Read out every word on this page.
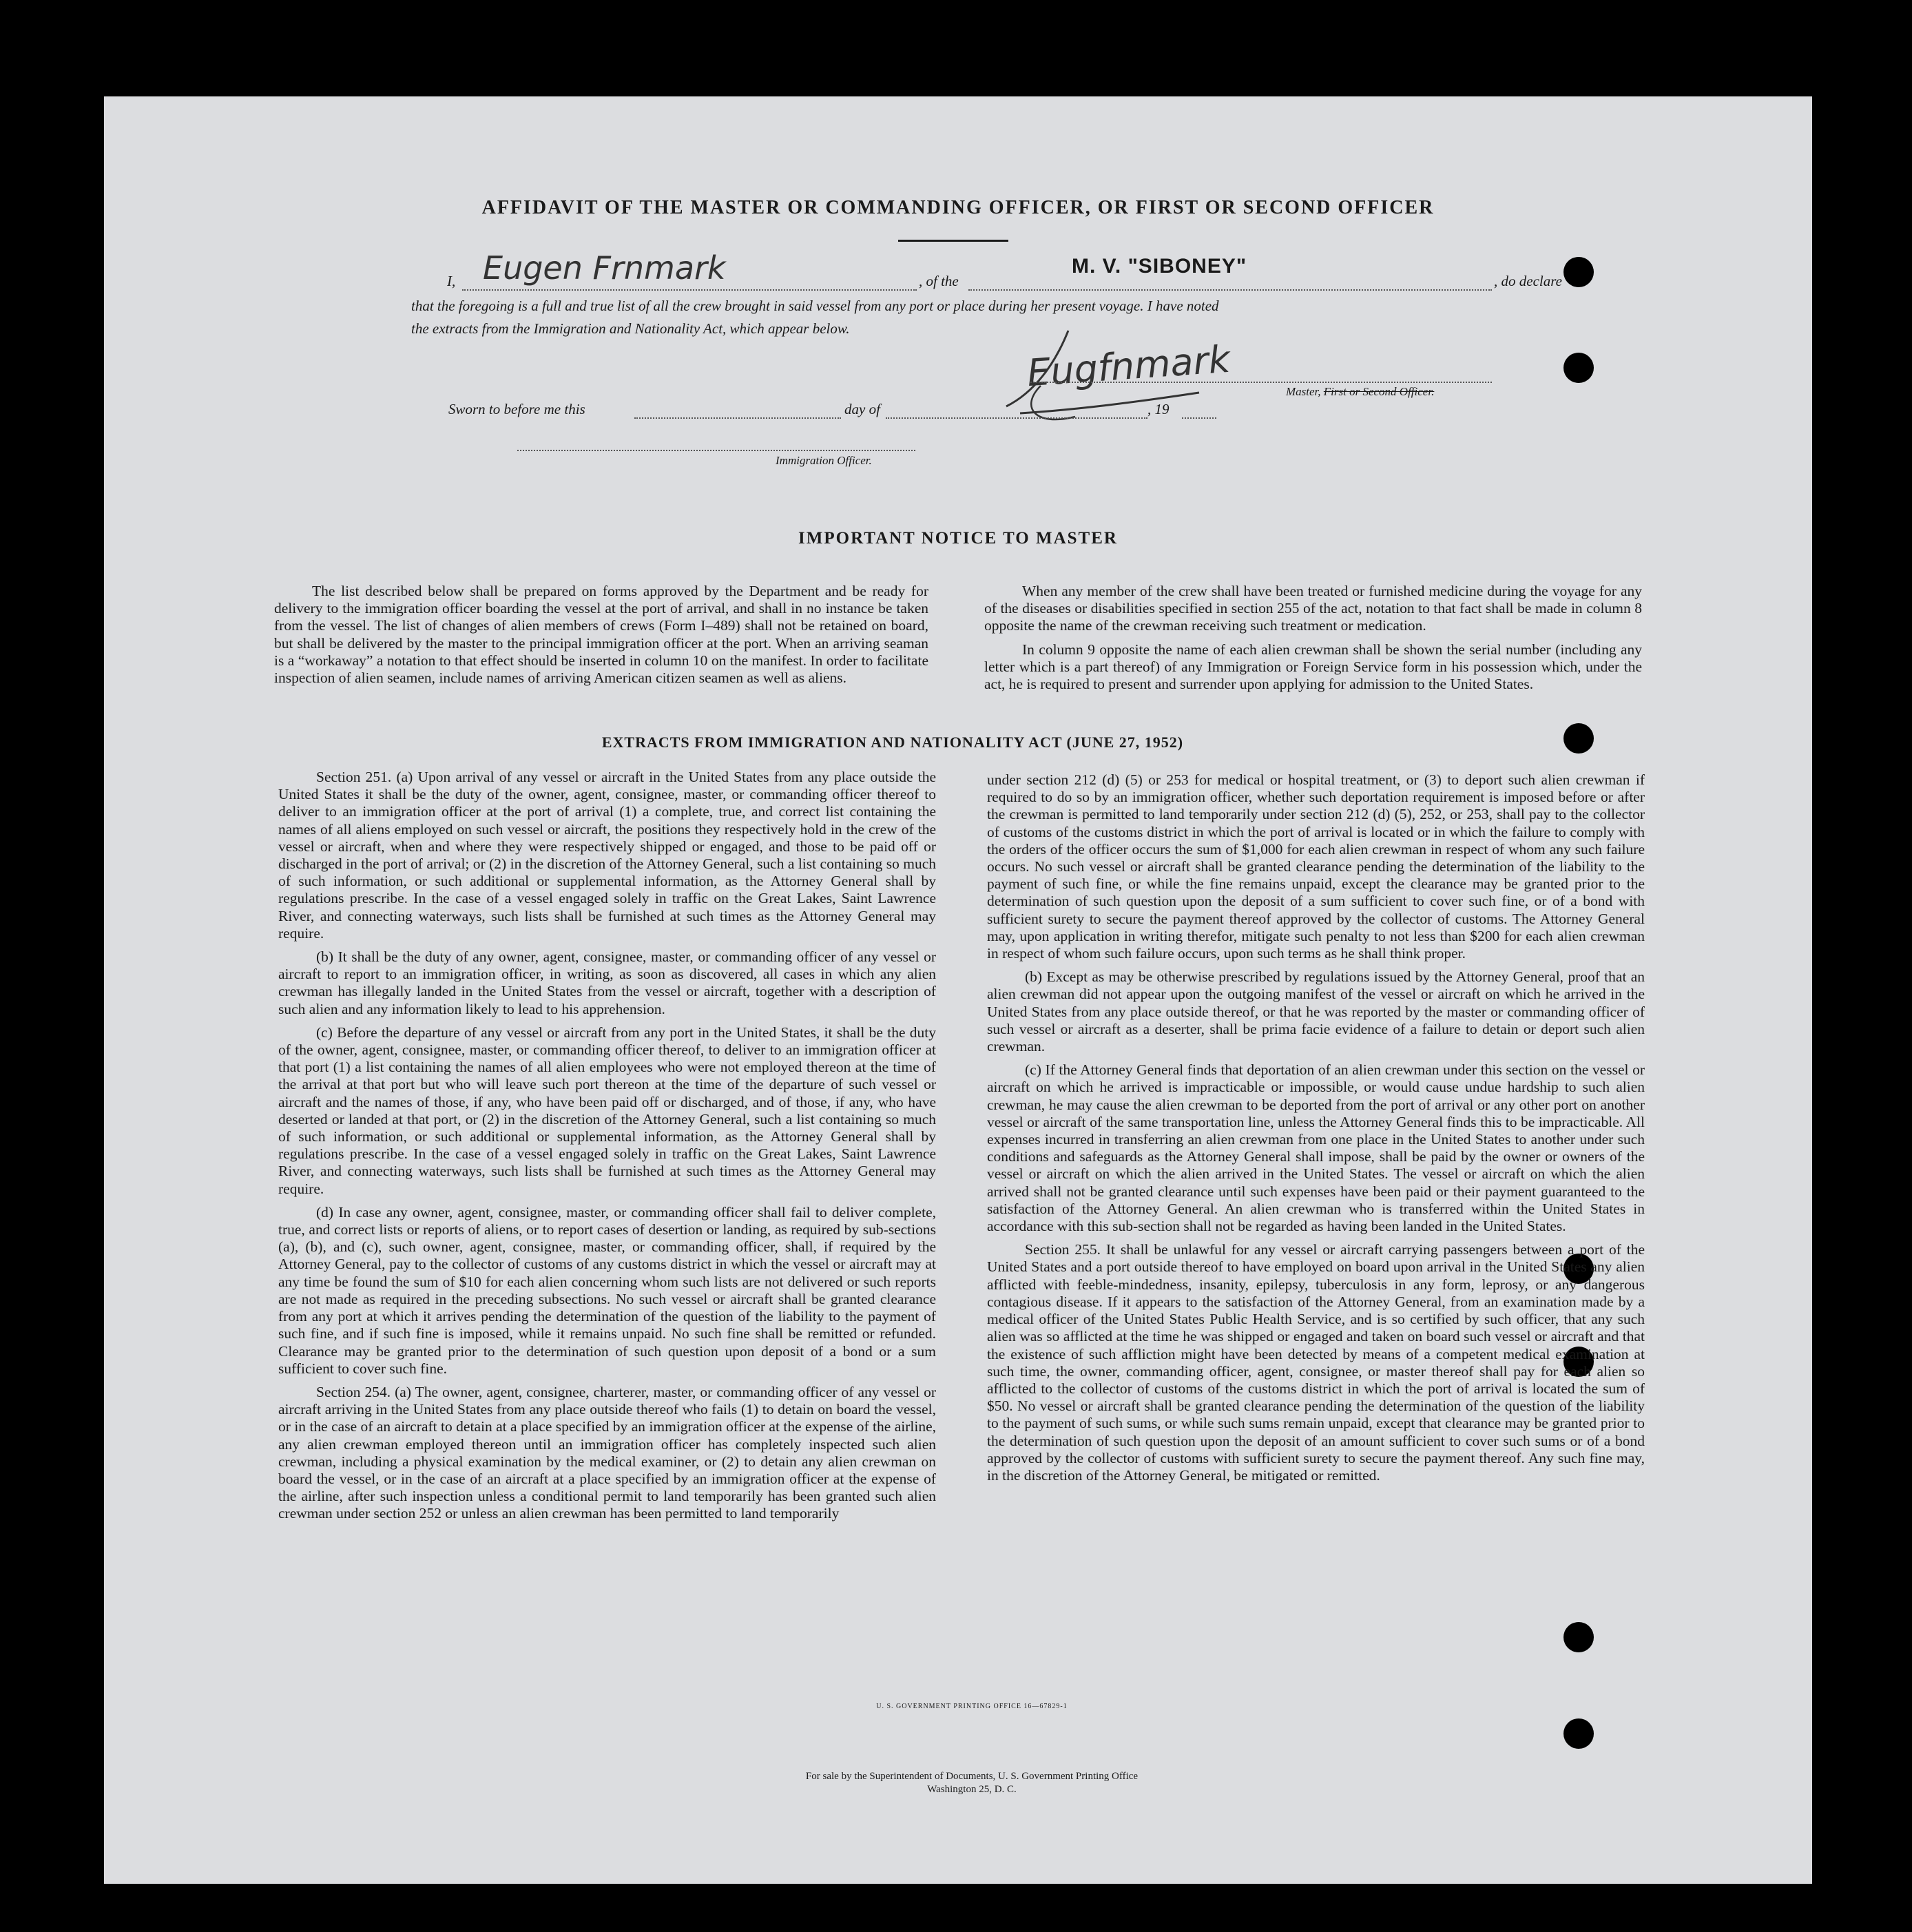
AFFIDAVIT OF THE MASTER OR COMMANDING OFFICER, OR FIRST OR SECOND OFFICER
I, Eugen Frnmark	, of the
M. V. "SIBONEY"
, do declare
that the foregoing is a full and true list of all the crew brought in said vessel from any port or place during her present voyage. I have noted
the extracts from the Immigration and Nationality Act, which appear below.
Eugfnmark	Master, First or Second Officer.
Sworn to before me this	day of	, 19
Immigration Officer.
IMPORTANT NOTICE TO MASTER

The list described below shall be prepared on forms approved by the Department and be ready for delivery to the immigration officer boarding the vessel at the port of arrival, and shall in no instance be taken from the vessel. The list of changes of alien members of crews (Form I–489) shall not be retained on board, but shall be delivered by the master to the principal immigration officer at the port. When an arriving seaman is a “workaway” a notation to that effect should be inserted in column 10 on the manifest. In order to facilitate inspection of alien seamen, include names of arriving American citizen seamen as well as aliens.

When any member of the crew shall have been treated or furnished medicine during the voyage for any of the diseases or disabilities specified in section 255 of the act, notation to that fact shall be made in column 8 opposite the name of the crewman receiving such treatment or medication.

In column 9 opposite the name of each alien crewman shall be shown the serial number (including any letter which is a part thereof) of any Immigration or Foreign Service form in his possession which, under the act, he is required to present and surrender upon applying for admission to the United States.

EXTRACTS FROM IMMIGRATION AND NATIONALITY ACT (JUNE 27, 1952)

Section 251. (a) Upon arrival of any vessel or aircraft in the United States from any place outside the United States it shall be the duty of the owner, agent, consignee, master, or commanding officer thereof to deliver to an immigration officer at the port of arrival (1) a complete, true, and correct list containing the names of all aliens employed on such vessel or aircraft, the positions they respectively hold in the crew of the vessel or aircraft, when and where they were respectively shipped or engaged, and those to be paid off or discharged in the port of arrival; or (2) in the discretion of the Attorney General, such a list containing so much of such information, or such additional or supplemental information, as the Attorney General shall by regulations prescribe. In the case of a vessel engaged solely in traffic on the Great Lakes, Saint Lawrence River, and connecting waterways, such lists shall be furnished at such times as the Attorney General may require.

(b) It shall be the duty of any owner, agent, consignee, master, or commanding officer of any vessel or aircraft to report to an immigration officer, in writing, as soon as discovered, all cases in which any alien crewman has illegally landed in the United States from the vessel or aircraft, together with a description of such alien and any information likely to lead to his apprehension.

(c) Before the departure of any vessel or aircraft from any port in the United States, it shall be the duty of the owner, agent, consignee, master, or commanding officer thereof, to deliver to an immigration officer at that port (1) a list containing the names of all alien employees who were not employed thereon at the time of the arrival at that port but who will leave such port thereon at the time of the departure of such vessel or aircraft and the names of those, if any, who have been paid off or discharged, and of those, if any, who have deserted or landed at that port, or (2) in the discretion of the Attorney General, such a list containing so much of such information, or such additional or supplemental information, as the Attorney General shall by regulations prescribe. In the case of a vessel engaged solely in traffic on the Great Lakes, Saint Lawrence River, and connecting waterways, such lists shall be furnished at such times as the Attorney General may require.

(d) In case any owner, agent, consignee, master, or commanding officer shall fail to deliver complete, true, and correct lists or reports of aliens, or to report cases of desertion or landing, as required by sub-sections (a), (b), and (c), such owner, agent, consignee, master, or commanding officer, shall, if required by the Attorney General, pay to the collector of customs of any customs district in which the vessel or aircraft may at any time be found the sum of $10 for each alien concerning whom such lists are not delivered or such reports are not made as required in the preceding subsections. No such vessel or aircraft shall be granted clearance from any port at which it arrives pending the determination of the question of the liability to the payment of such fine, and if such fine is imposed, while it remains unpaid. No such fine shall be remitted or refunded. Clearance may be granted prior to the determination of such question upon deposit of a bond or a sum sufficient to cover such fine.

Section 254. (a) The owner, agent, consignee, charterer, master, or commanding officer of any vessel or aircraft arriving in the United States from any place outside thereof who fails (1) to detain on board the vessel, or in the case of an aircraft to detain at a place specified by an immigration officer at the expense of the airline, any alien crewman employed thereon until an immigration officer has completely inspected such alien crewman, including a physical examination by the medical examiner, or (2) to detain any alien crewman on board the vessel, or in the case of an aircraft at a place specified by an immigration officer at the expense of the airline, after such inspection unless a conditional permit to land temporarily has been granted such alien crewman under section 252 or unless an alien crewman has been permitted to land temporarily

under section 212 (d) (5) or 253 for medical or hospital treatment, or (3) to deport such alien crewman if required to do so by an immigration officer, whether such deportation requirement is imposed before or after the crewman is permitted to land temporarily under section 212 (d) (5), 252, or 253, shall pay to the collector of customs of the customs district in which the port of arrival is located or in which the failure to comply with the orders of the officer occurs the sum of $1,000 for each alien crewman in respect of whom any such failure occurs. No such vessel or aircraft shall be granted clearance pending the determination of the liability to the payment of such fine, or while the fine remains unpaid, except the clearance may be granted prior to the determination of such question upon the deposit of a sum sufficient to cover such fine, or of a bond with sufficient surety to secure the payment thereof approved by the collector of customs. The Attorney General may, upon application in writing therefor, mitigate such penalty to not less than $200 for each alien crewman in respect of whom such failure occurs, upon such terms as he shall think proper.

(b) Except as may be otherwise prescribed by regulations issued by the Attorney General, proof that an alien crewman did not appear upon the outgoing manifest of the vessel or aircraft on which he arrived in the United States from any place outside thereof, or that he was reported by the master or commanding officer of such vessel or aircraft as a deserter, shall be prima facie evidence of a failure to detain or deport such alien crewman.

(c) If the Attorney General finds that deportation of an alien crewman under this section on the vessel or aircraft on which he arrived is impracticable or impossible, or would cause undue hardship to such alien crewman, he may cause the alien crewman to be deported from the port of arrival or any other port on another vessel or aircraft of the same transportation line, unless the Attorney General finds this to be impracticable. All expenses incurred in transferring an alien crewman from one place in the United States to another under such conditions and safeguards as the Attorney General shall impose, shall be paid by the owner or owners of the vessel or aircraft on which the alien arrived in the United States. The vessel or aircraft on which the alien arrived shall not be granted clearance until such expenses have been paid or their payment guaranteed to the satisfaction of the Attorney General. An alien crewman who is transferred within the United States in accordance with this sub-section shall not be regarded as having been landed in the United States.

Section 255. It shall be unlawful for any vessel or aircraft carrying passengers between a port of the United States and a port outside thereof to have employed on board upon arrival in the United States any alien afflicted with feeble-mindedness, insanity, epilepsy, tuberculosis in any form, leprosy, or any dangerous contagious disease. If it appears to the satisfaction of the Attorney General, from an examination made by a medical officer of the United States Public Health Service, and is so certified by such officer, that any such alien was so afflicted at the time he was shipped or engaged and taken on board such vessel or aircraft and that the existence of such affliction might have been detected by means of a competent medical examination at such time, the owner, commanding officer, agent, consignee, or master thereof shall pay for each alien so afflicted to the collector of customs of the customs district in which the port of arrival is located the sum of $50. No vessel or aircraft shall be granted clearance pending the determination of the question of the liability to the payment of such sums, or while such sums remain unpaid, except that clearance may be granted prior to the determination of such question upon the deposit of an amount sufficient to cover such sums or of a bond approved by the collector of customs with sufficient surety to secure the payment thereof. Any such fine may, in the discretion of the Attorney General, be mitigated or remitted.

U. S. GOVERNMENT PRINTING OFFICE 16—67829-1
For sale by the Superintendent of Documents, U. S. Government Printing Office
Washington 25, D. C.
